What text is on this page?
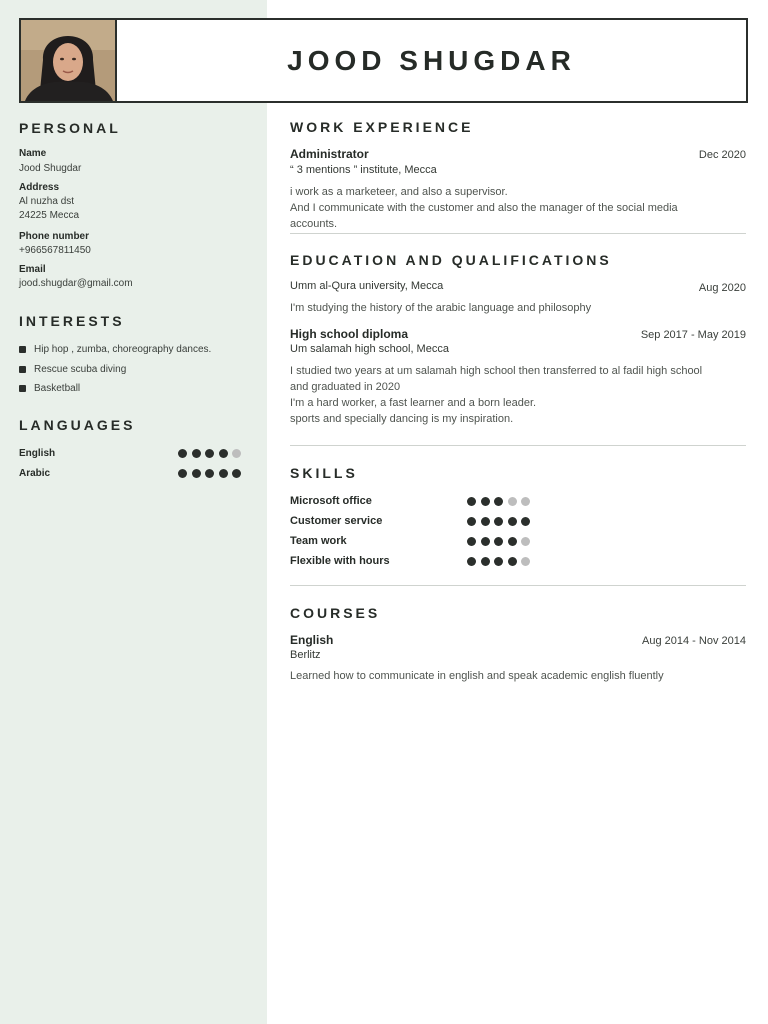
JOOD SHUGDAR
PERSONAL
Name
Jood Shugdar
Address
Al nuzha dst
24225 Mecca
Phone number
+966567811450
Email
jood.shugdar@gmail.com
INTERESTS
Hip hop , zumba, choreography dances.
Rescue scuba diving
Basketball
LANGUAGES
English
Arabic
WORK EXPERIENCE
Administrator	Dec 2020
“ 3 mentions ” institute, Mecca
i work as a marketeer, and also a supervisor.
And I communicate with the customer and also the manager of the social media
accounts.
EDUCATION AND QUALIFICATIONS
Umm al-Qura university, Mecca	Aug 2020
I'm studying the history of the arabic language and philosophy
High school diploma	Sep 2017 - May 2019
Um salamah high school, Mecca
I studied two years at um salamah high school then transferred to al fadil high school
and graduated in 2020
I'm a hard worker, a fast learner and a born leader.
sports and specially dancing is my inspiration.
SKILLS
Microsoft office
Customer service
Team work
Flexible with hours
COURSES
English	Aug 2014 - Nov 2014
Berlitz
Learned how to communicate in english and speak academic english fluently
